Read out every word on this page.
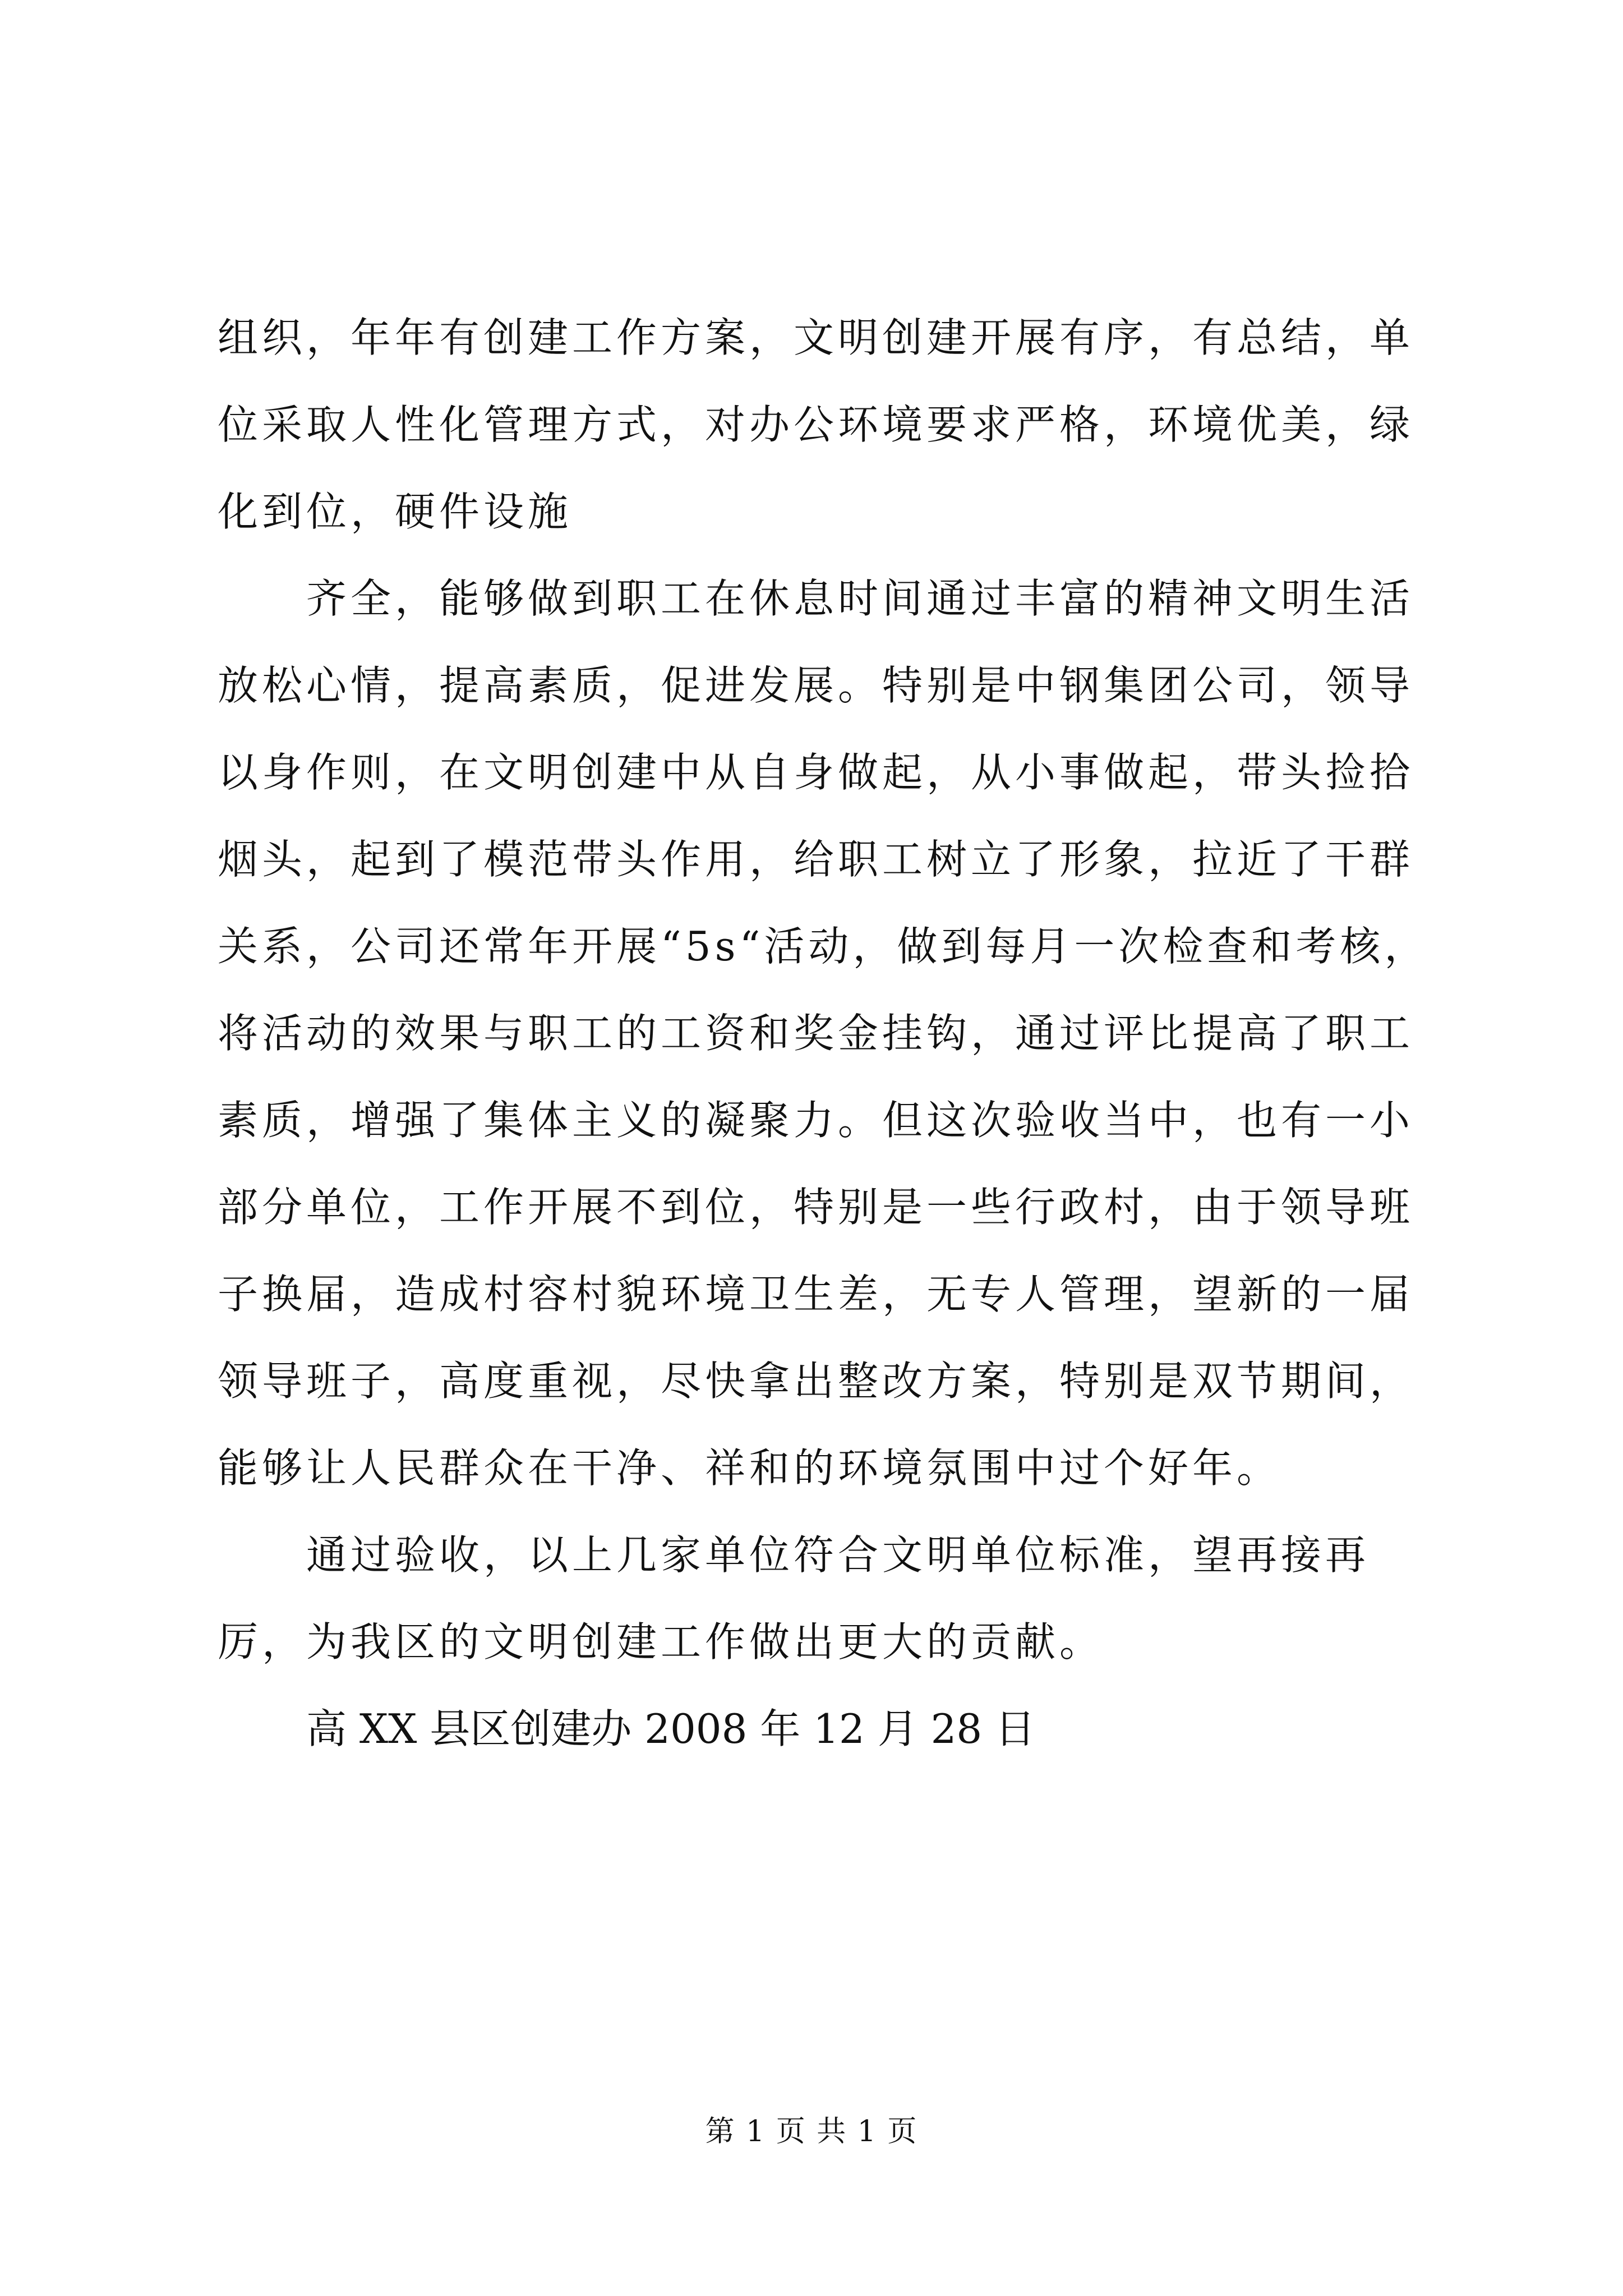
组织，年年有创建工作方案，文明创建开展有序，有总结，单位采取人性化管理方式，对办公环境要求严格，环境优美，绿化到位，硬件设施

齐全，能够做到职工在休息时间通过丰富的精神文明生活放松心情，提高素质，促进发展。特别是中钢集团公司，领导以身作则，在文明创建中从自身做起，从小事做起，带头捡拾烟头，起到了模范带头作用，给职工树立了形象，拉近了干群关系，公司还常年开展“5s“活动，做到每月一次检查和考核，将活动的效果与职工的工资和奖金挂钩，通过评比提高了职工素质，增强了集体主义的凝聚力。但这次验收当中，也有一小部分单位，工作开展不到位，特别是一些行政村，由于领导班子换届，造成村容村貌环境卫生差，无专人管理，望新的一届领导班子，高度重视，尽快拿出整改方案，特别是双节期间，能够让人民群众在干净、祥和的环境氛围中过个好年。

通过验收，以上几家单位符合文明单位标准，望再接再厉，为我区的文明创建工作做出更大的贡献。

高 XX 县区创建办 2008 年 12 月 28 日

第 1 页 共 1 页
